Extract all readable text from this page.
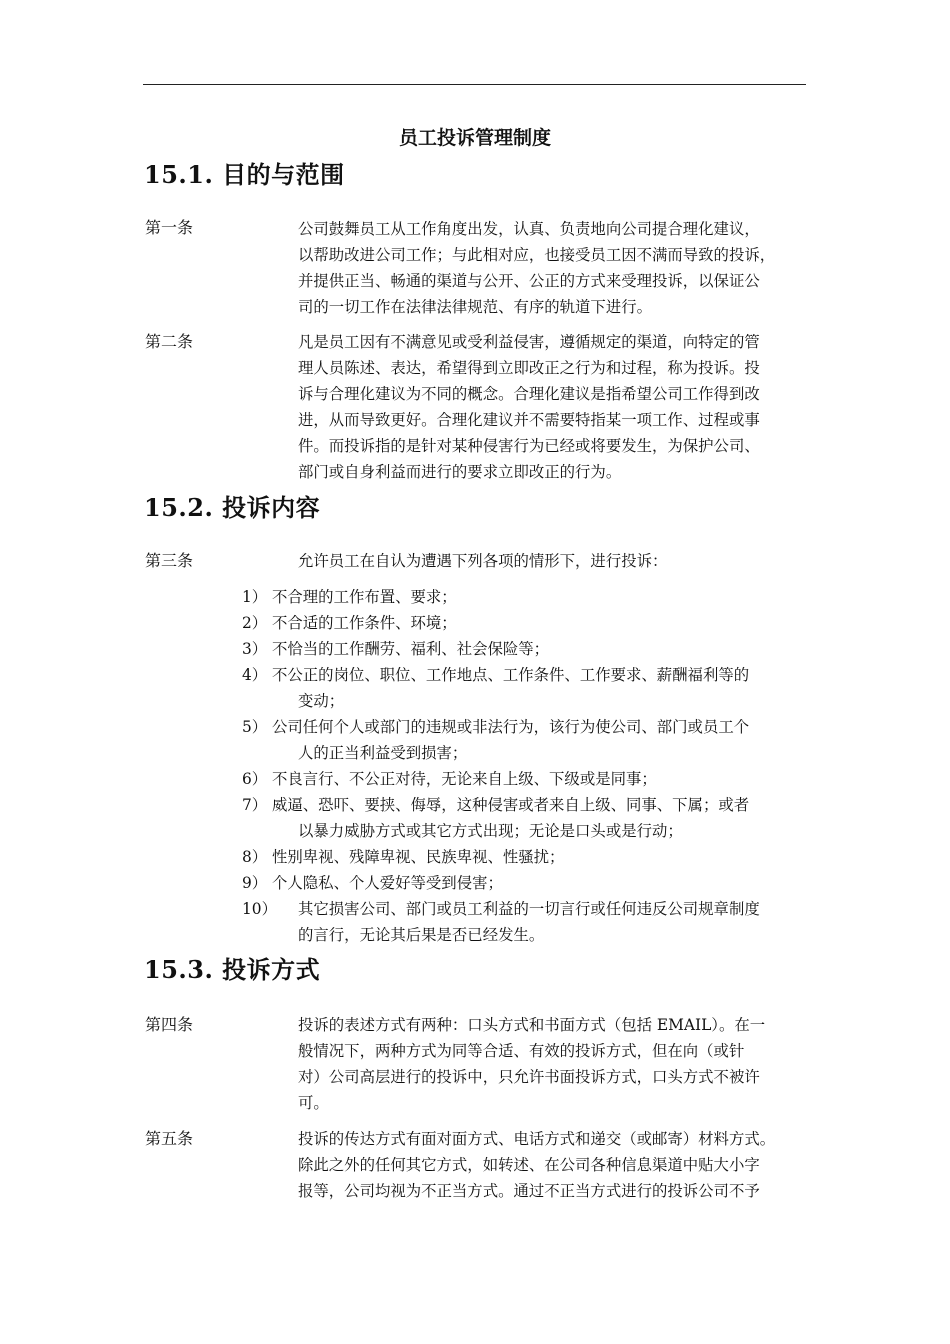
员工投诉管理制度
15.1. 目的与范围
第一条	公司鼓舞员工从工作角度出发，认真、负责地向公司提合理化建议，
以帮助改进公司工作；与此相对应，也接受员工因不满而导致的投诉，
并提供正当、畅通的渠道与公开、公正的方式来受理投诉，以保证公
司的一切工作在法律法律规范、有序的轨道下进行。
第二条	凡是员工因有不满意见或受利益侵害，遵循规定的渠道，向特定的管
理人员陈述、表达，希望得到立即改正之行为和过程，称为投诉。投
诉与合理化建议为不同的概念。合理化建议是指希望公司工作得到改
进，从而导致更好。合理化建议并不需要特指某一项工作、过程或事
件。而投诉指的是针对某种侵害行为已经或将要发生，为保护公司、
部门或自身利益而进行的要求立即改正的行为。
15.2. 投诉内容
第三条	允许员工在自认为遭遇下列各项的情形下，进行投诉：
1） 不合理的工作布置、要求；
2） 不合适的工作条件、环境；
3） 不恰当的工作酬劳、福利、社会保险等；
4） 不公正的岗位、职位、工作地点、工作条件、工作要求、薪酬福利等的
变动；
5） 公司任何个人或部门的违规或非法行为，该行为使公司、部门或员工个
人的正当利益受到损害；
6） 不良言行、不公正对待，无论来自上级、下级或是同事；
7） 威逼、恐吓、要挟、侮辱，这种侵害或者来自上级、同事、下属；或者
以暴力威胁方式或其它方式出现；无论是口头或是行动；
8） 性别卑视、残障卑视、民族卑视、性骚扰；
9） 个人隐私、个人爱好等受到侵害；
10） 其它损害公司、部门或员工利益的一切言行或任何违反公司规章制度
的言行，无论其后果是否已经发生。
15.3. 投诉方式
第四条	投诉的表述方式有两种：口头方式和书面方式（包括 EMAIL）。在一
般情况下，两种方式为同等合适、有效的投诉方式，但在向（或针
对）公司高层进行的投诉中，只允许书面投诉方式，口头方式不被许
可。
第五条	投诉的传达方式有面对面方式、电话方式和递交（或邮寄）材料方式。
除此之外的任何其它方式，如转述、在公司各种信息渠道中贴大小字
报等，公司均视为不正当方式。通过不正当方式进行的投诉公司不予
